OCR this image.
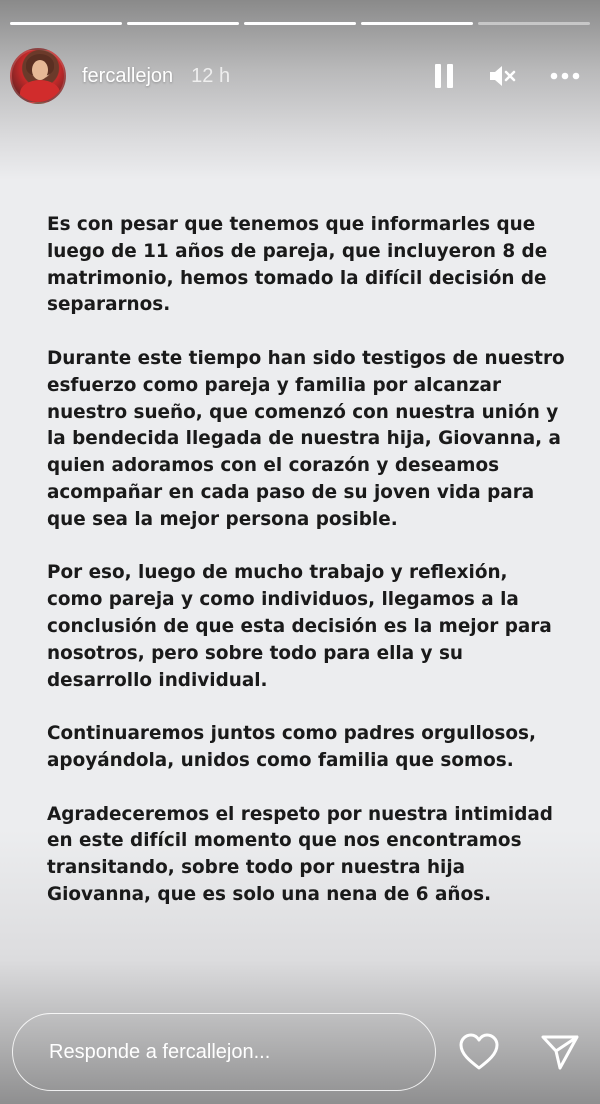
fercallejon 12 h

Es con pesar que tenemos que informarles que luego de 11 años de pareja, que incluyeron 8 de matrimonio, hemos tomado la difícil decisión de separarnos.

Durante este tiempo han sido testigos de nuestro esfuerzo como pareja y familia por alcanzar nuestro sueño, que comenzó con nuestra unión y la bendecida llegada de nuestra hija, Giovanna, a quien adoramos con el corazón y deseamos acompañar en cada paso de su joven vida para que sea la mejor persona posible.

Por eso, luego de mucho trabajo y reflexión, como pareja y como individuos, llegamos a la conclusión de que esta decisión es la mejor para nosotros, pero sobre todo para ella y su desarrollo individual.

Continuaremos juntos como padres orgullosos, apoyándola, unidos como familia que somos.

Agradeceremos el respeto por nuestra intimidad en este difícil momento que nos encontramos transitando, sobre todo por nuestra hija Giovanna, que es solo una nena de 6 años.

Responde a fercallejon...
